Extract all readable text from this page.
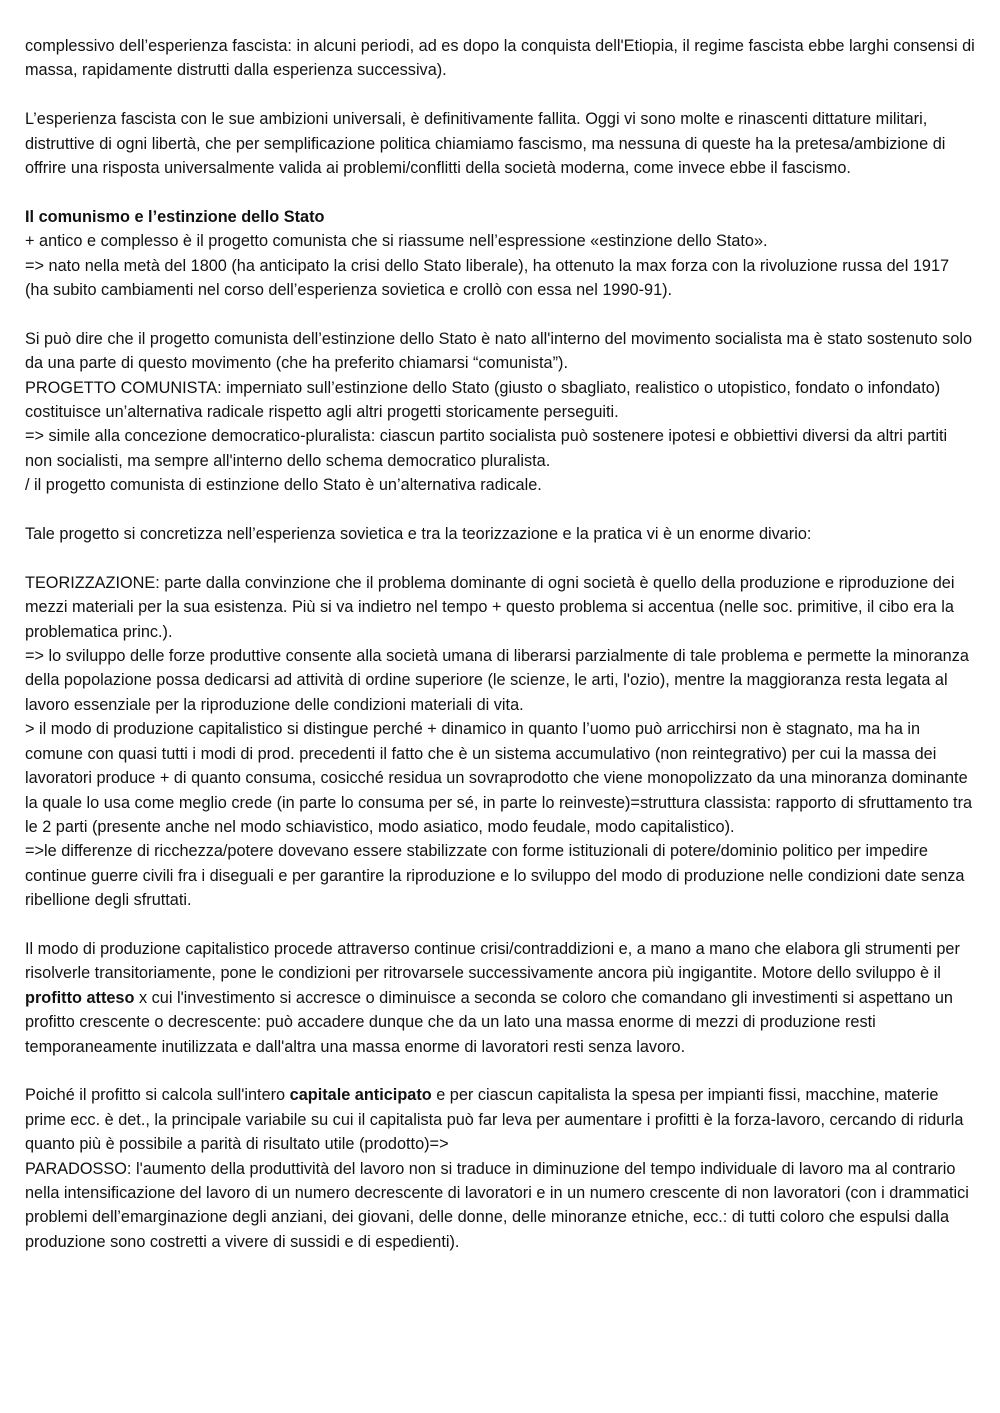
complessivo dell’esperienza fascista: in alcuni periodi, ad es dopo la conquista dell'Etiopia, il regime fascista ebbe larghi consensi di massa, rapidamente distrutti dalla esperienza successiva).

L’esperienza fascista con le sue ambizioni universali, è definitivamente fallita. Oggi vi sono molte e rinascenti dittature militari, distruttive di ogni libertà, che per semplificazione politica chiamiamo fascismo, ma nessuna di queste ha la pretesa/ambizione di offrire una risposta universalmente valida ai problemi/conflitti della società moderna, come invece ebbe il fascismo.

Il comunismo e l’estinzione dello Stato

+ antico e complesso è il progetto comunista che si riassume nell’espressione «estinzione dello Stato».

=> nato nella metà del 1800 (ha anticipato la crisi dello Stato liberale), ha ottenuto la max forza con la rivoluzione russa del 1917 (ha subito cambiamenti nel corso dell’esperienza sovietica e crollò con essa nel 1990-91).

Si può dire che il progetto comunista dell’estinzione dello Stato è nato all'interno del movimento socialista ma è stato sostenuto solo da una parte di questo movimento (che ha preferito chiamarsi “comunista”).

PROGETTO COMUNISTA: imperniato sull’estinzione dello Stato (giusto o sbagliato, realistico o utopistico, fondato o infondato) costituisce un’alternativa radicale rispetto agli altri progetti storicamente perseguiti.

=> simile alla concezione democratico-pluralista: ciascun partito socialista può sostenere ipotesi e obbiettivi diversi da altri partiti non socialisti, ma sempre all'interno dello schema democratico pluralista.

/ il progetto comunista di estinzione dello Stato è un’alternativa radicale.

Tale progetto si concretizza nell’esperienza sovietica e tra la teorizzazione e la pratica vi è un enorme divario:

TEORIZZAZIONE: parte dalla convinzione che il problema dominante di ogni società è quello della produzione e riproduzione dei mezzi materiali per la sua esistenza. Più si va indietro nel tempo + questo problema si accentua (nelle soc. primitive, il cibo era la problematica princ.).

=> lo sviluppo delle forze produttive consente alla società umana di liberarsi parzialmente di tale problema e permette la minoranza della popolazione possa dedicarsi ad attività di ordine superiore (le scienze, le arti, l'ozio), mentre la maggioranza resta legata al lavoro essenziale per la riproduzione delle condizioni materiali di vita.

> il modo di produzione capitalistico si distingue perché + dinamico in quanto l’uomo può arricchirsi non è stagnato, ma ha in comune con quasi tutti i modi di prod. precedenti il fatto che è un sistema accumulativo (non reintegrativo) per cui la massa dei lavoratori produce + di quanto consuma, cosicché residua un sovraprodotto che viene monopolizzato da una minoranza dominante la quale lo usa come meglio crede (in parte lo consuma per sé, in parte lo reinveste)=struttura classista: rapporto di sfruttamento tra le 2 parti (presente anche nel modo schiavistico, modo asiatico, modo feudale, modo capitalistico).

=>le differenze di ricchezza/potere dovevano essere stabilizzate con forme istituzionali di potere/dominio politico per impedire continue guerre civili fra i diseguali e per garantire la riproduzione e lo sviluppo del modo di produzione nelle condizioni date senza ribellione degli sfruttati.

Il modo di produzione capitalistico procede attraverso continue crisi/contraddizioni e, a mano a mano che elabora gli strumenti per risolverle transitoriamente, pone le condizioni per ritrovarsele successivamente ancora più ingigantite. Motore dello sviluppo è il profitto atteso x cui l'investimento si accresce o diminuisce a seconda se coloro che comandano gli investimenti si aspettano un profitto crescente o decrescente: può accadere dunque che da un lato una massa enorme di mezzi di produzione resti temporaneamente inutilizzata e dall'altra una massa enorme di lavoratori resti senza lavoro.

Poiché il profitto si calcola sull'intero capitale anticipato e per ciascun capitalista la spesa per impianti fissi, macchine, materie prime ecc. è det., la principale variabile su cui il capitalista può far leva per aumentare i profitti è la forza-lavoro, cercando di ridurla quanto più è possibile a parità di risultato utile (prodotto)=>

PARADOSSO: l'aumento della produttività del lavoro non si traduce in diminuzione del tempo individuale di lavoro ma al contrario nella intensificazione del lavoro di un numero decrescente di lavoratori e in un numero crescente di non lavoratori (con i drammatici problemi dell’emarginazione degli anziani, dei giovani, delle donne, delle minoranze etniche, ecc.: di tutti coloro che espulsi dalla produzione sono costretti a vivere di sussidi e di espedienti).
